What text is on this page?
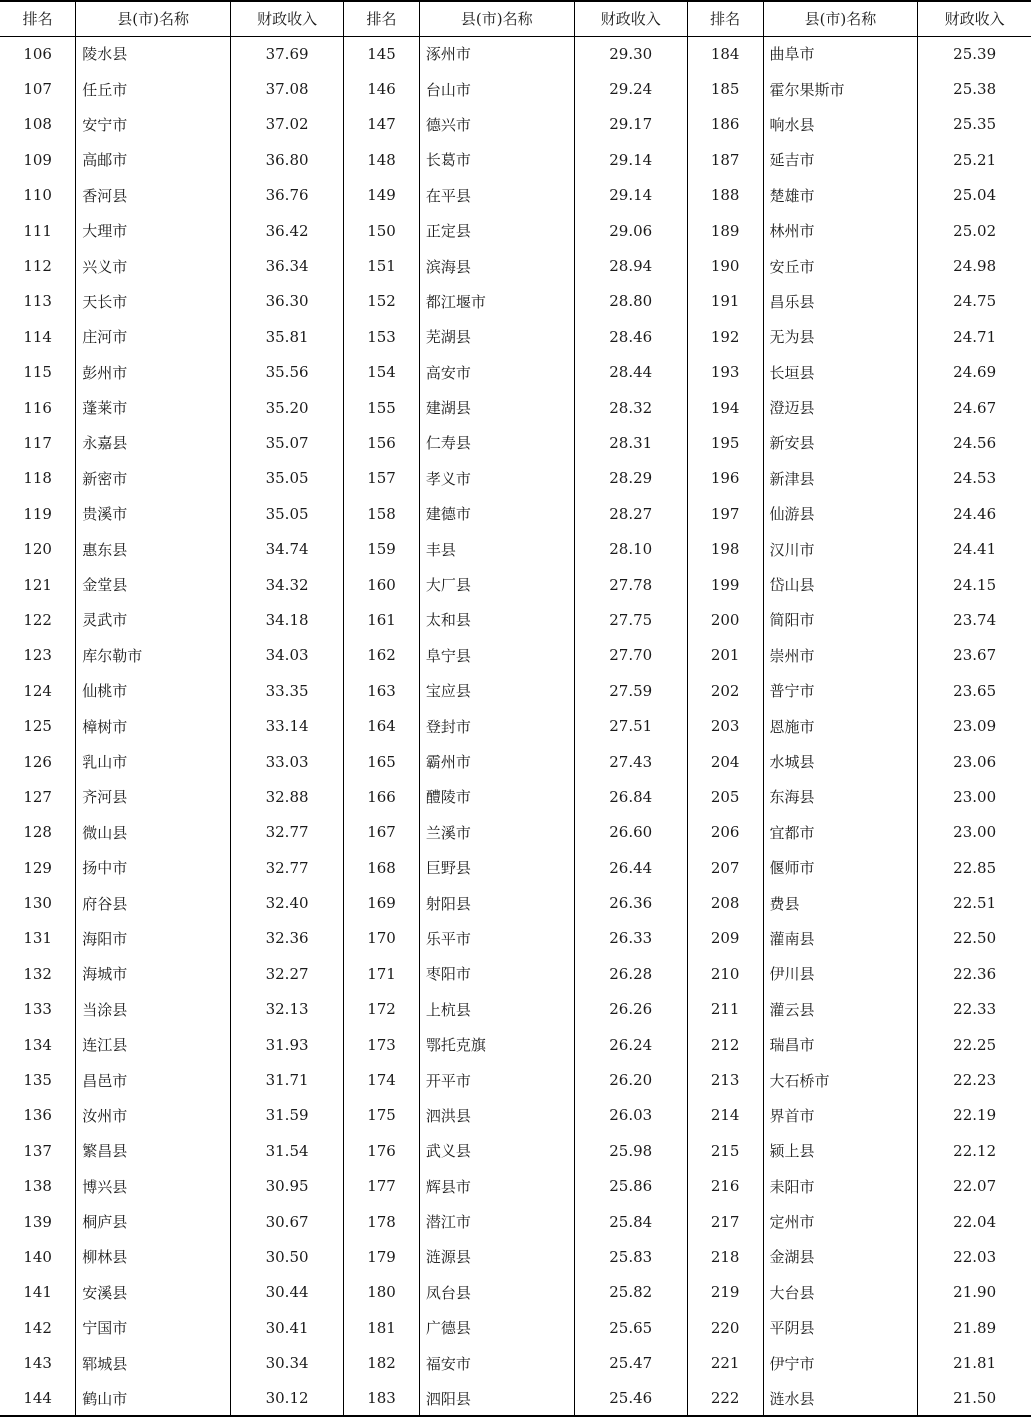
排名	县(市)名称	财政收入	排名	县(市)名称	财政收入	排名	县(市)名称	财政收入
106	陵水县	37.69	145	涿州市	29.30	184	曲阜市	25.39
107	任丘市	37.08	146	台山市	29.24	185	霍尔果斯市	25.38
108	安宁市	37.02	147	德兴市	29.17	186	响水县	25.35
109	高邮市	36.80	148	长葛市	29.14	187	延吉市	25.21
110	香河县	36.76	149	在平县	29.14	188	楚雄市	25.04
111	大理市	36.42	150	正定县	29.06	189	林州市	25.02
112	兴义市	36.34	151	滨海县	28.94	190	安丘市	24.98
113	天长市	36.30	152	都江堰市	28.80	191	昌乐县	24.75
114	庄河市	35.81	153	芜湖县	28.46	192	无为县	24.71
115	彭州市	35.56	154	高安市	28.44	193	长垣县	24.69
116	蓬莱市	35.20	155	建湖县	28.32	194	澄迈县	24.67
117	永嘉县	35.07	156	仁寿县	28.31	195	新安县	24.56
118	新密市	35.05	157	孝义市	28.29	196	新津县	24.53
119	贵溪市	35.05	158	建德市	28.27	197	仙游县	24.46
120	惠东县	34.74	159	丰县	28.10	198	汉川市	24.41
121	金堂县	34.32	160	大厂县	27.78	199	岱山县	24.15
122	灵武市	34.18	161	太和县	27.75	200	简阳市	23.74
123	库尔勒市	34.03	162	阜宁县	27.70	201	崇州市	23.67
124	仙桃市	33.35	163	宝应县	27.59	202	普宁市	23.65
125	樟树市	33.14	164	登封市	27.51	203	恩施市	23.09
126	乳山市	33.03	165	霸州市	27.43	204	水城县	23.06
127	齐河县	32.88	166	醴陵市	26.84	205	东海县	23.00
128	微山县	32.77	167	兰溪市	26.60	206	宜都市	23.00
129	扬中市	32.77	168	巨野县	26.44	207	偃师市	22.85
130	府谷县	32.40	169	射阳县	26.36	208	费县	22.51
131	海阳市	32.36	170	乐平市	26.33	209	灌南县	22.50
132	海城市	32.27	171	枣阳市	26.28	210	伊川县	22.36
133	当涂县	32.13	172	上杭县	26.26	211	灌云县	22.33
134	连江县	31.93	173	鄂托克旗	26.24	212	瑞昌市	22.25
135	昌邑市	31.71	174	开平市	26.20	213	大石桥市	22.23
136	汝州市	31.59	175	泗洪县	26.03	214	界首市	22.19
137	繁昌县	31.54	176	武义县	25.98	215	颍上县	22.12
138	博兴县	30.95	177	辉县市	25.86	216	耒阳市	22.07
139	桐庐县	30.67	178	潜江市	25.84	217	定州市	22.04
140	柳林县	30.50	179	涟源县	25.83	218	金湖县	22.03
141	安溪县	30.44	180	凤台县	25.82	219	大台县	21.90
142	宁国市	30.41	181	广德县	25.65	220	平阴县	21.89
143	郓城县	30.34	182	福安市	25.47	221	伊宁市	21.81
144	鹤山市	30.12	183	泗阳县	25.46	222	涟水县	21.50
